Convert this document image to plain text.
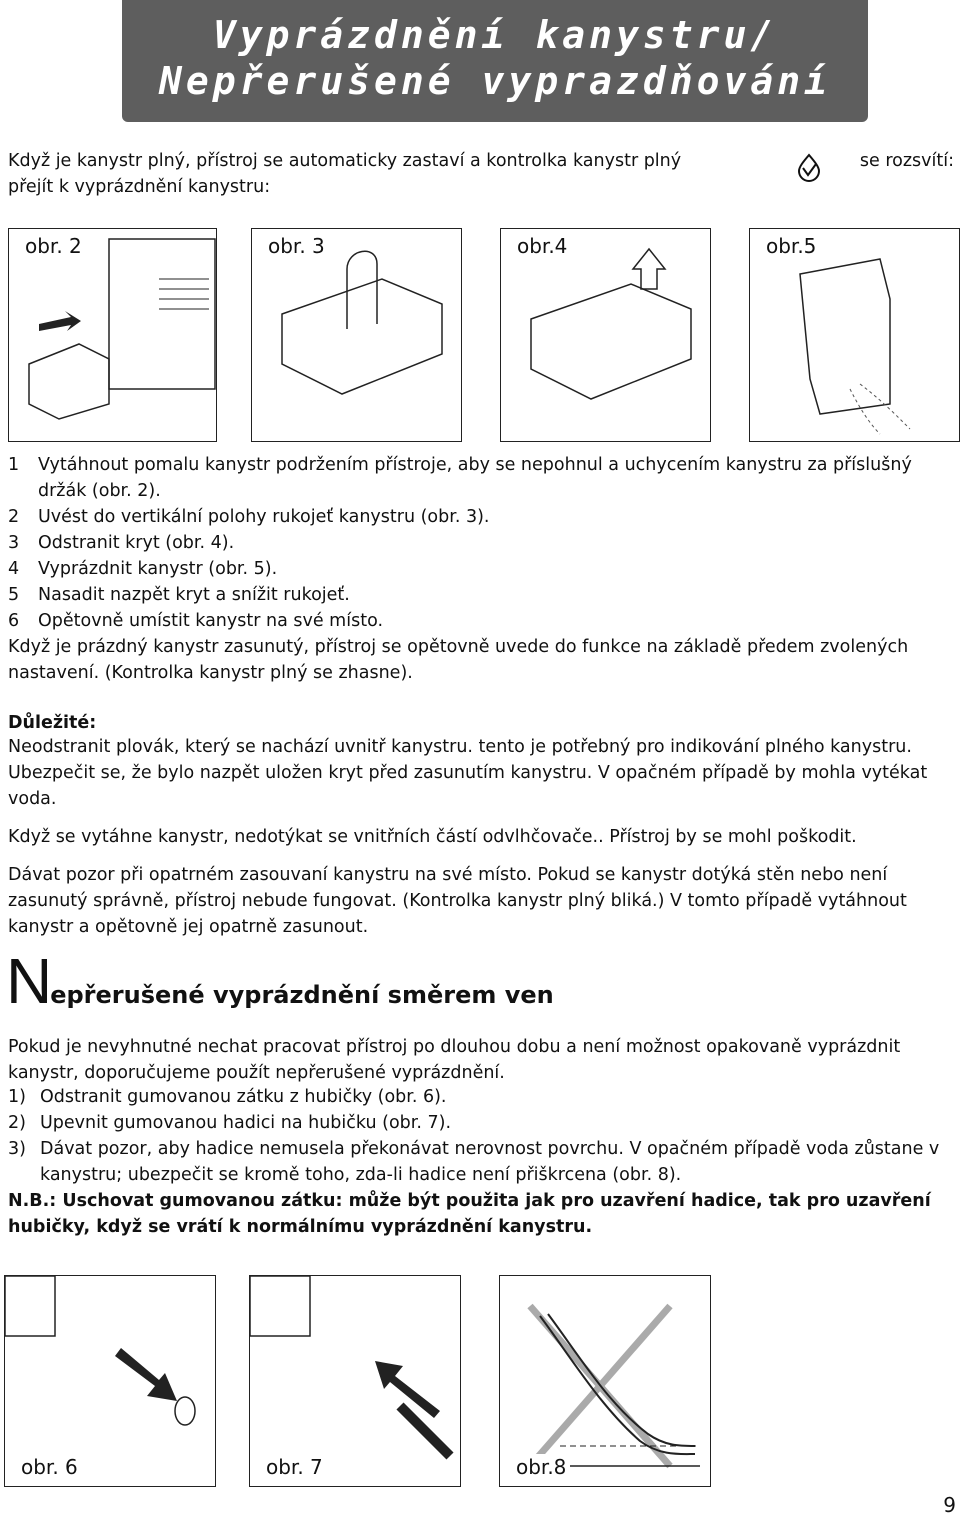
Vyprázdnění kanystru/
Nepřerušené vyprazdňování
Když je kanystr plný, přístroj se automaticky zastaví a kontrolka kanystr plný
přejít k vyprázdnění kanystru:
se rozsvítí:
obr. 2	obr. 3	obr.4	obr.5
1	Vytáhnout pomalu kanystr podržením přístroje, aby se nepohnul a uchycením kanystru za příslušný držák (obr. 2).
2	Uvést do vertikální polohy rukojeť kanystru (obr. 3).
3	Odstranit kryt (obr. 4).
4	Vyprázdnit kanystr (obr. 5).
5	Nasadit nazpět kryt a snížit rukojeť.
6	Opětovně umístit kanystr na své místo.
Když je prázdný kanystr zasunutý, přístroj se opětovně uvede do funkce na základě předem zvolených nastavení. (Kontrolka kanystr plný se zhasne).
Důležité:
Neodstranit plovák, který se nachází uvnitř kanystru. tento je potřebný pro indikování plného kanystru. Ubezpečit se, že bylo nazpět uložen kryt před zasunutím kanystru. V opačném případě by mohla vytékat voda.
Když se vytáhne kanystr, nedotýkat se vnitřních částí odvlhčovače.. Přístroj by se mohl poškodit.
Dávat pozor při opatrném zasouvaní kanystru na své místo. Pokud se kanystr dotýká stěn nebo není zasunutý správně, přístroj nebude fungovat. (Kontrolka kanystr plný bliká.) V tomto případě vytáhnout kanystr a opětovně jej opatrně zasunout.
Nepřerušené vyprázdnění směrem ven
Pokud je nevyhnutné nechat pracovat přístroj po dlouhou dobu a není možnost opakovaně vyprázdnit kanystr, doporučujeme použít nepřerušené vyprázdnění.
1) Odstranit gumovanou zátku z hubičky (obr. 6).
2) Upevnit gumovanou hadici na hubičku (obr. 7).
3) Dávat pozor, aby hadice nemusela překonávat nerovnost povrchu. V opačném případě voda zůstane v kanystru; ubezpečit se kromě toho, zda-li hadice není přiškrcena (obr. 8).
N.B.: Uschovat gumovanou zátku: může být použita jak pro uzavření hadice, tak pro uzavření hubičky, když se vrátí k normálnímu vyprázdnění kanystru.
obr. 6	obr. 7	obr.8
9
